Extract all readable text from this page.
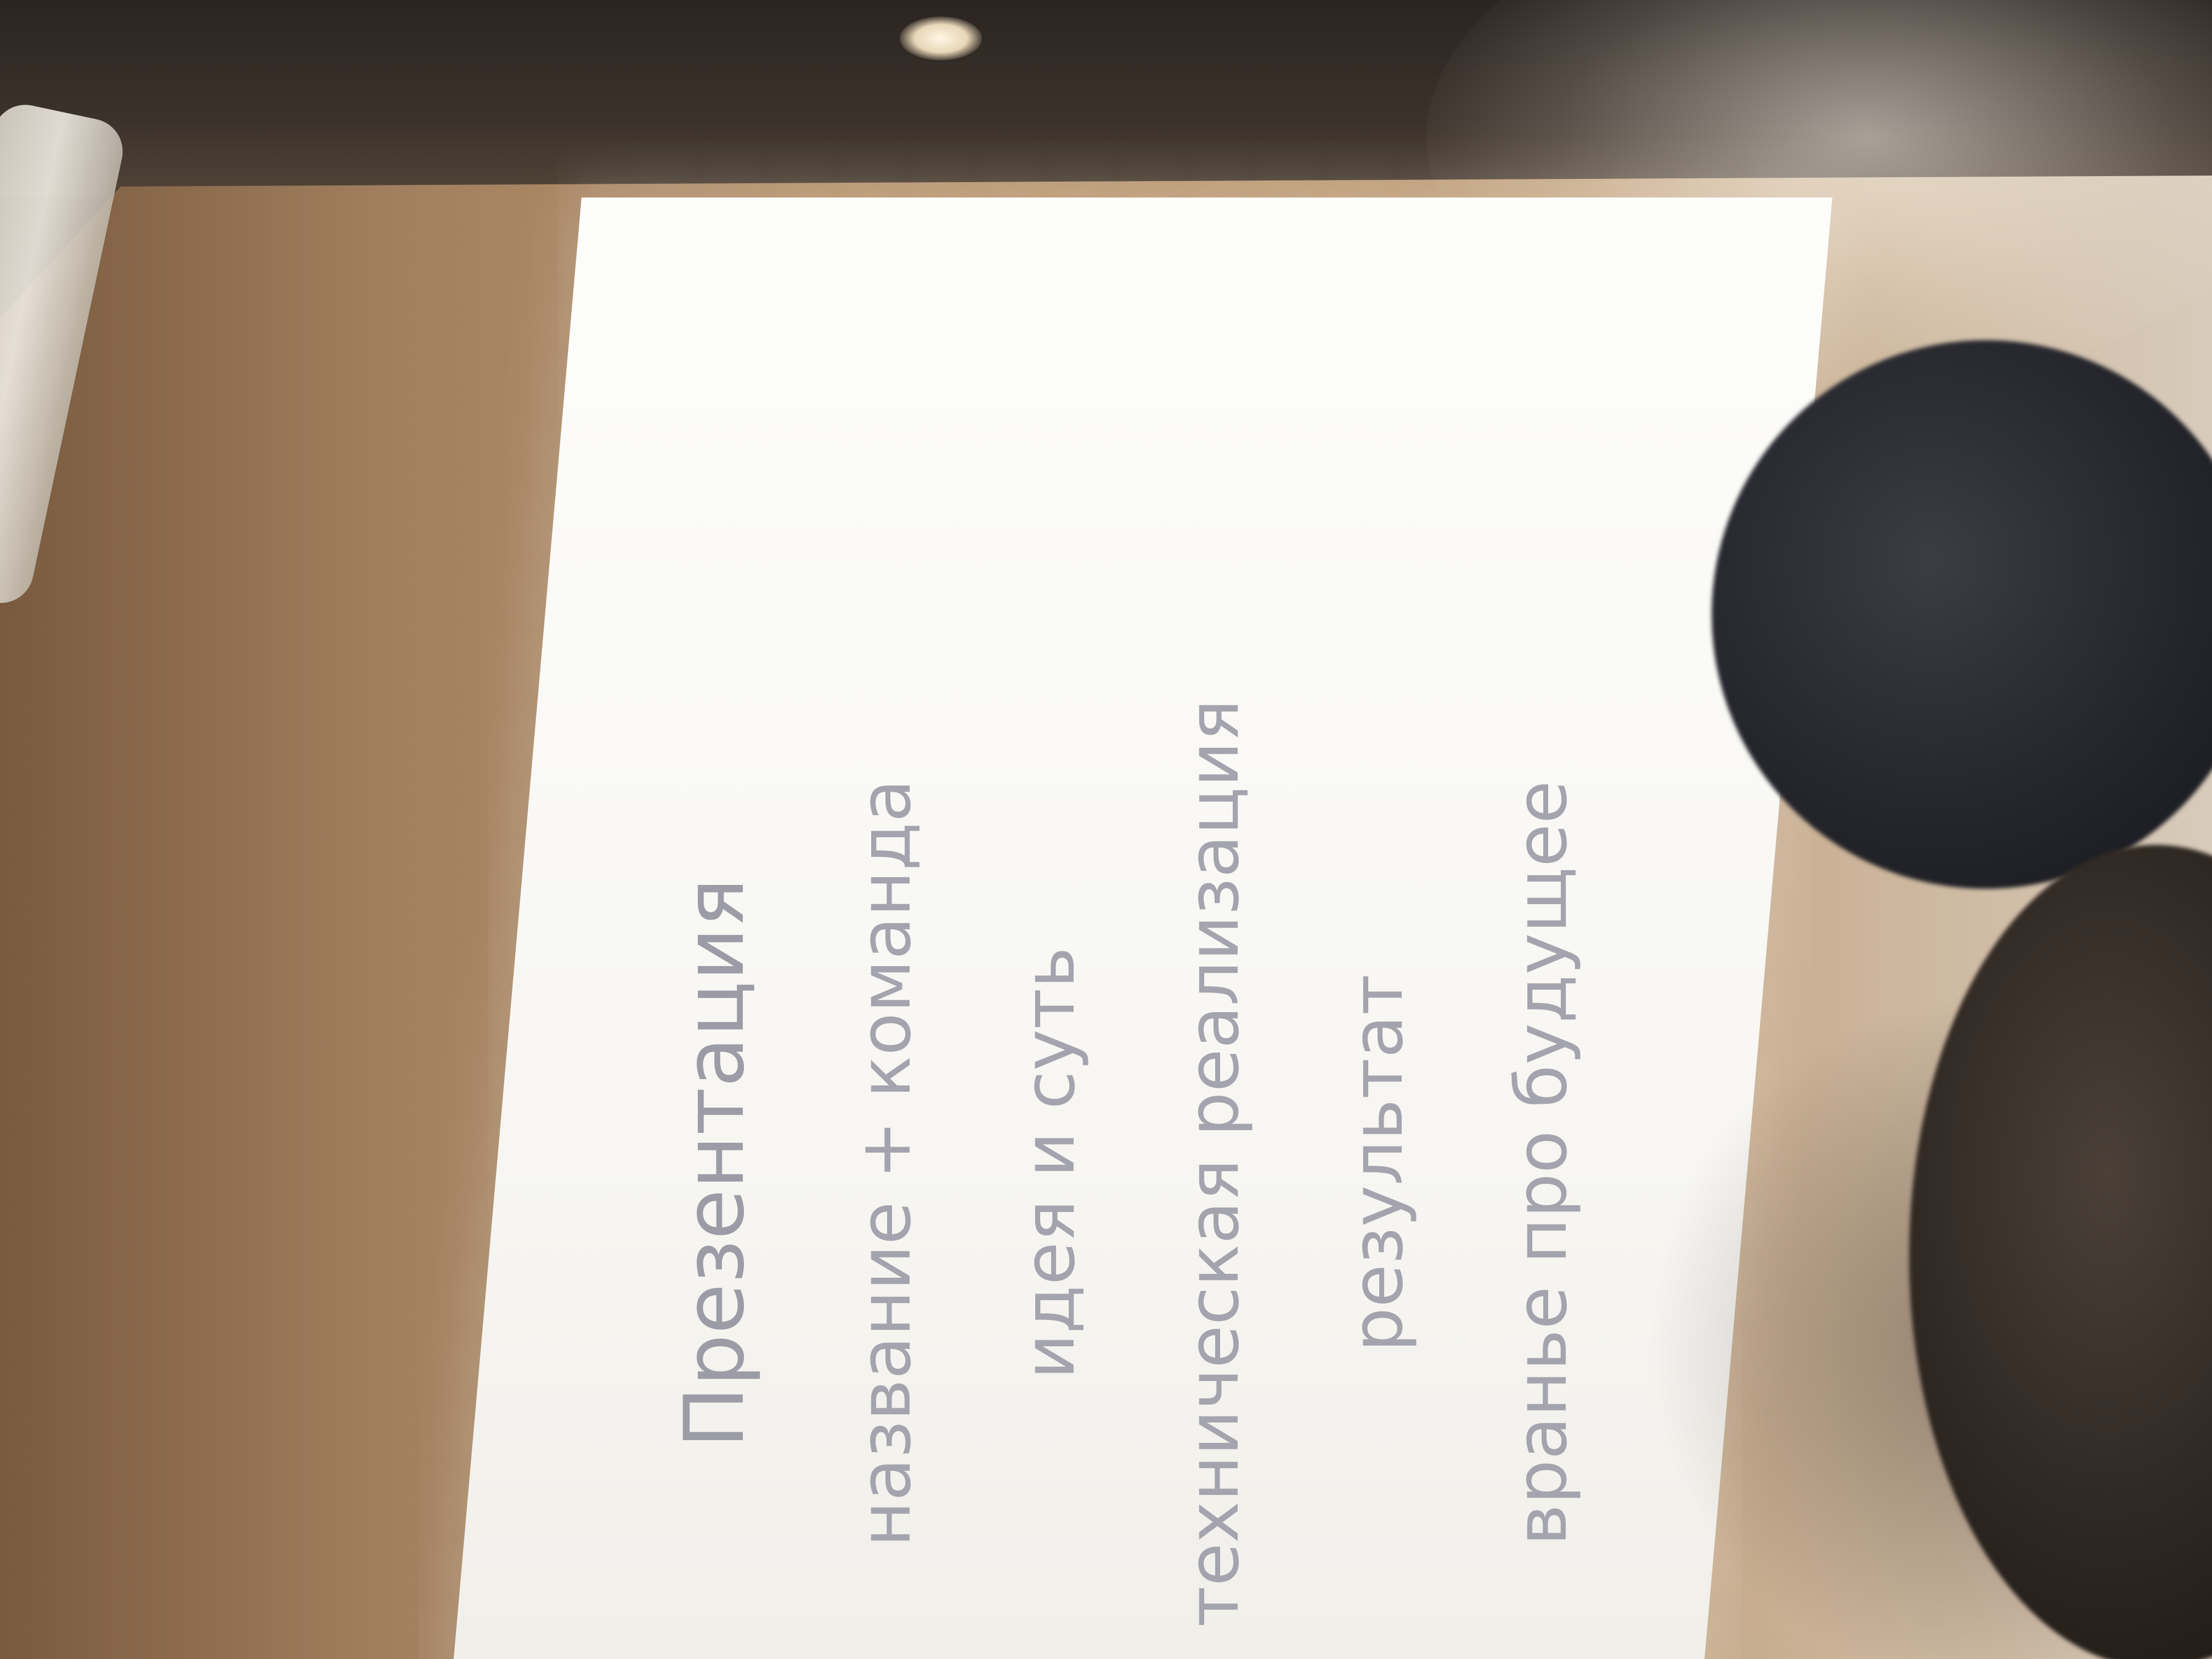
Презентация название + команда идея и суть техническая реализация результат вранье про будущее
